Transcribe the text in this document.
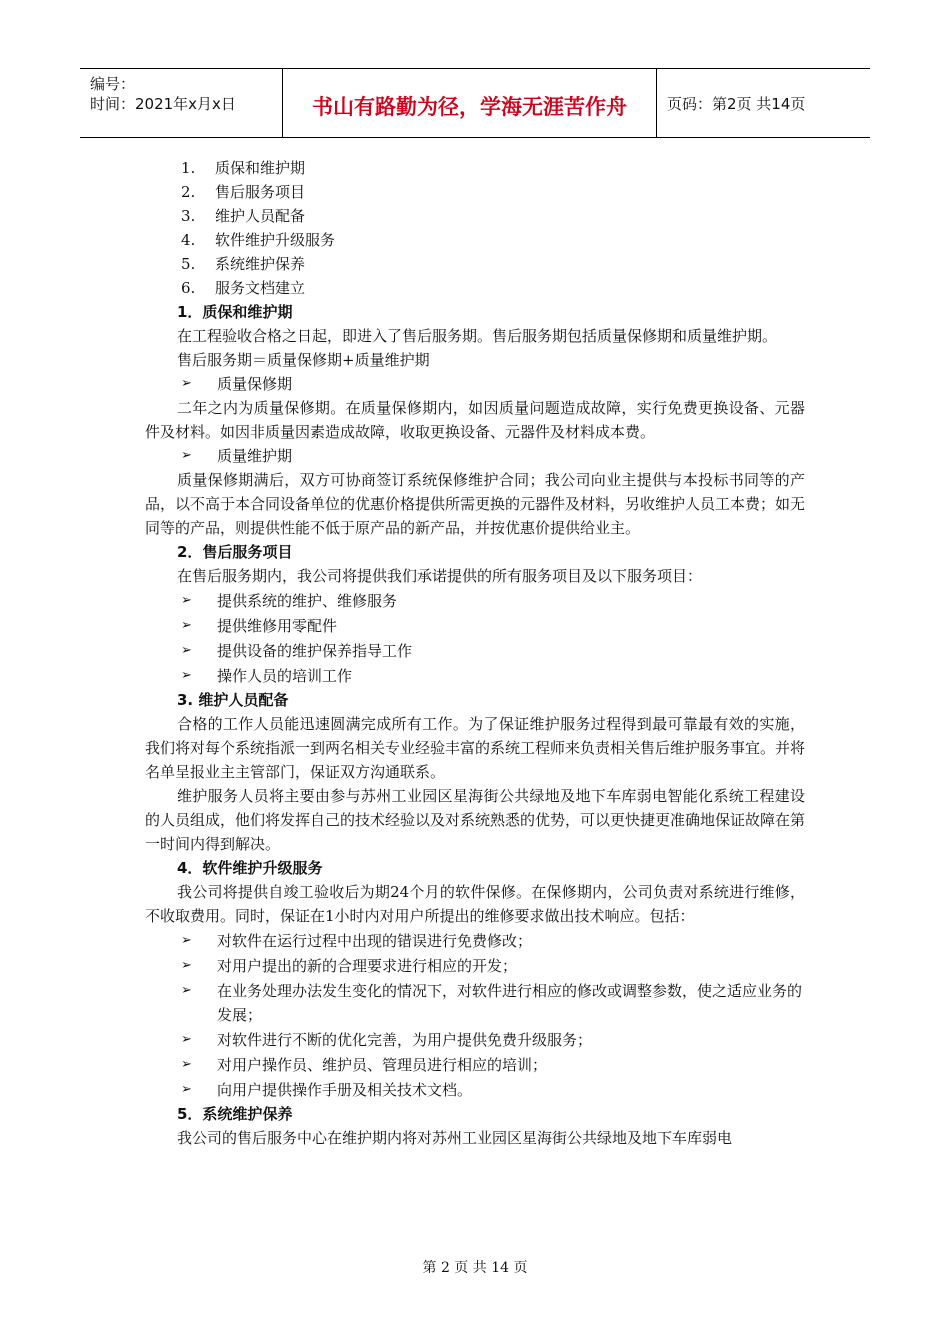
编号：
时间：2021年x月x日	书山有路勤为径，学海无涯苦作舟	页码：第2页 共14页

1. 质保和维护期

2. 售后服务项目

3. 维护人员配备

4. 软件维护升级服务

5. 系统维护保养

6. 服务文档建立

1．质保和维护期

在工程验收合格之日起，即进入了售后服务期。售后服务期包括质量保修期和质量维护期。

售后服务期＝质量保修期+质量维护期

➢ 质量保修期

二年之内为质量保修期。在质量保修期内，如因质量问题造成故障，实行免费更换设备、元器件及材料。如因非质量因素造成故障，收取更换设备、元器件及材料成本费。

➢ 质量维护期

质量保修期满后，双方可协商签订系统保修维护合同；我公司向业主提供与本投标书同等的产品，以不高于本合同设备单位的优惠价格提供所需更换的元器件及材料，另收维护人员工本费；如无同等的产品，则提供性能不低于原产品的新产品，并按优惠价提供给业主。

2．售后服务项目

在售后服务期内，我公司将提供我们承诺提供的所有服务项目及以下服务项目：

➢ 提供系统的维护、维修服务

➢ 提供维修用零配件

➢ 提供设备的维护保养指导工作

➢ 操作人员的培训工作

3. 维护人员配备

合格的工作人员能迅速圆满完成所有工作。为了保证维护服务过程得到最可靠最有效的实施，我们将对每个系统指派一到两名相关专业经验丰富的系统工程师来负责相关售后维护服务事宜。并将名单呈报业主主管部门，保证双方沟通联系。

维护服务人员将主要由参与苏州工业园区星海街公共绿地及地下车库弱电智能化系统工程建设的人员组成，他们将发挥自己的技术经验以及对系统熟悉的优势，可以更快捷更准确地保证故障在第一时间内得到解决。

4．软件维护升级服务

我公司将提供自竣工验收后为期24个月的软件保修。在保修期内，公司负责对系统进行维修，不收取费用。同时，保证在1小时内对用户所提出的维修要求做出技术响应。包括：

➢ 对软件在运行过程中出现的错误进行免费修改；

➢ 对用户提出的新的合理要求进行相应的开发；

➢ 在业务处理办法发生变化的情况下，对软件进行相应的修改或调整参数，使之适应业务的发展；

➢ 对软件进行不断的优化完善，为用户提供免费升级服务；

➢ 对用户操作员、维护员、管理员进行相应的培训；

➢ 向用户提供操作手册及相关技术文档。

5．系统维护保养

我公司的售后服务中心在维护期内将对苏州工业园区星海街公共绿地及地下车库弱电

第 2 页 共 14 页
